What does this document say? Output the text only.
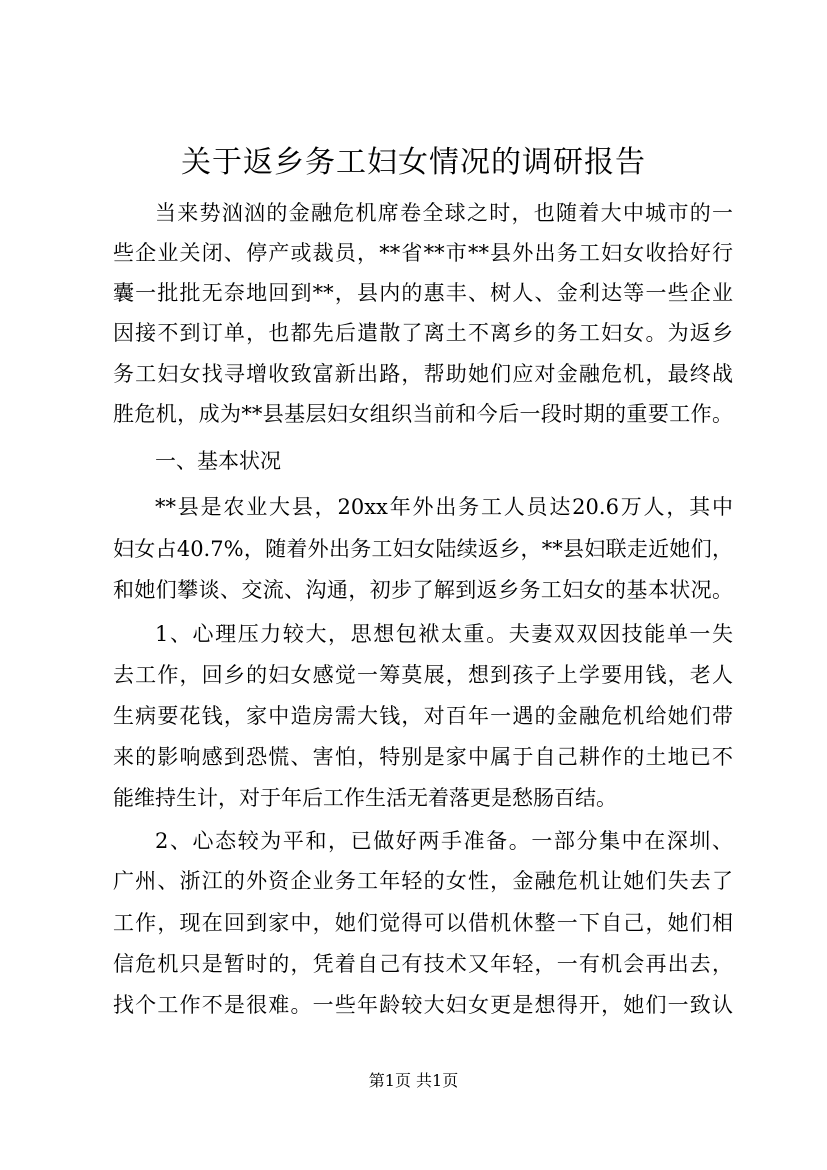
关于返乡务工妇女情况的调研报告
当来势汹汹的金融危机席卷全球之时，也随着大中城市的一
些企业关闭、停产或裁员，**省**市**县外出务工妇女收拾好行
囊一批批无奈地回到**，县内的惠丰、树人、金利达等一些企业
因接不到订单，也都先后遣散了离土不离乡的务工妇女。为返乡
务工妇女找寻增收致富新出路，帮助她们应对金融危机，最终战
胜危机，成为**县基层妇女组织当前和今后一段时期的重要工作。
一、基本状况
**县是农业大县，20xx年外出务工人员达20.6万人，其中
妇女占40.7%，随着外出务工妇女陆续返乡，**县妇联走近她们，
和她们攀谈、交流、沟通，初步了解到返乡务工妇女的基本状况。
1、心理压力较大，思想包袱太重。夫妻双双因技能单一失
去工作，回乡的妇女感觉一筹莫展，想到孩子上学要用钱，老人
生病要花钱，家中造房需大钱，对百年一遇的金融危机给她们带
来的影响感到恐慌、害怕，特别是家中属于自己耕作的土地已不
能维持生计，对于年后工作生活无着落更是愁肠百结。
2、心态较为平和，已做好两手准备。一部分集中在深圳、
广州、浙江的外资企业务工年轻的女性，金融危机让她们失去了
工作，现在回到家中，她们觉得可以借机休整一下自己，她们相
信危机只是暂时的，凭着自己有技术又年轻，一有机会再出去，
找个工作不是很难。一些年龄较大妇女更是想得开，她们一致认
第1页 共1页
